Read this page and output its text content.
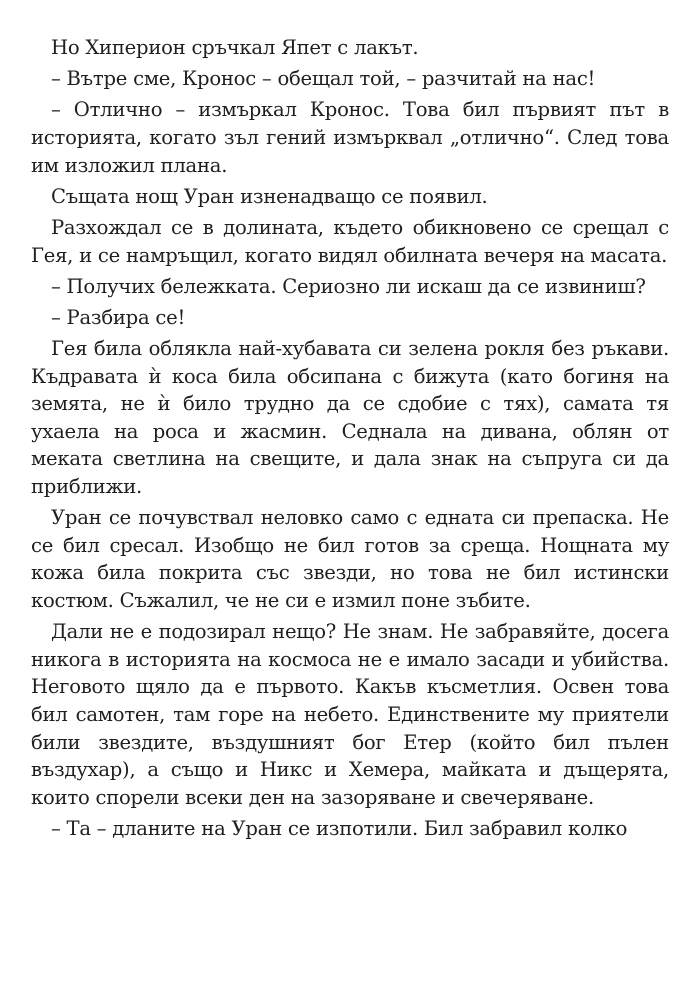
Но Хиперион сръчкал Япет с лакът.

– Вътре сме, Кронос – обещал той, – разчитай на нас!

– Отлично – измъркал Кронос. Това бил първият път в историята, когато зъл гений измърквал „отлично“. След това им изложил плана.

Същата нощ Уран изненадващо се появил.

Разхождал се в долината, където обикновено се срещал с Гея, и се намръщил, когато видял обилната вечеря на масата.

– Получих бележката. Сериозно ли искаш да се извиниш?

– Разбира се!

Гея била облякла най-хубавата си зелена рокля без ръкави. Къдравата ѝ коса била обсипана с бижута (като богиня на земята, не ѝ било трудно да се сдобие с тях), самата тя ухаела на роса и жасмин. Седнала на дивана, облян от меката светлина на свещите, и дала знак на съпруга си да приближи.

Уран се почувствал неловко само с едната си препаска. Не се бил сресал. Изобщо не бил готов за среща. Нощната му кожа била покрита със звезди, но това не бил истински костюм. Съжалил, че не си е измил поне зъбите.

Дали не е подозирал нещо? Не знам. Не забравяйте, досега никога в историята на космоса не е имало засади и убийства. Неговото щяло да е първото. Какъв късметлия. Освен това бил самотен, там горе на небето. Единствените му приятели били звездите, въздушният бог Етер (който бил пълен въздухар), а също и Никс и Хемера, майката и дъщерята, които спорели всеки ден на зазоряване и свечеряване.

– Та – дланите на Уран се изпотили. Бил забравил колко
